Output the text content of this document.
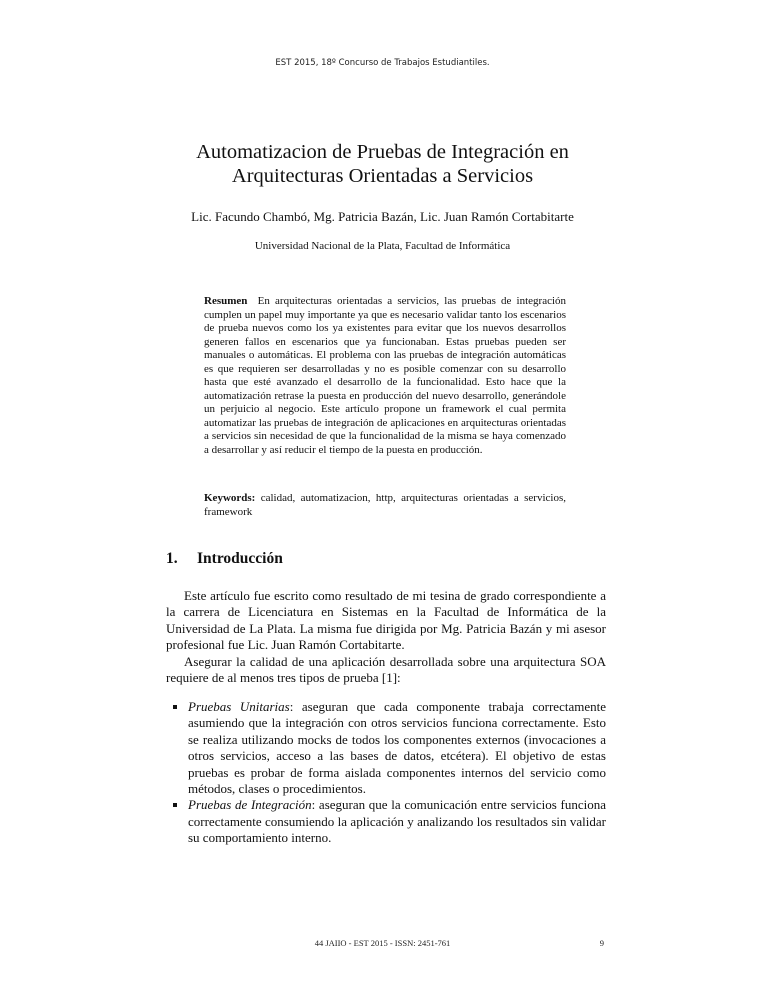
EST 2015, 18º Concurso de Trabajos Estudiantiles.
Automatizacion de Pruebas de Integración en
Arquitecturas Orientadas a Servicios
Lic. Facundo Chambó, Mg. Patricia Bazán, Lic. Juan Ramón Cortabitarte
Universidad Nacional de la Plata, Facultad de Informática
Resumen En arquitecturas orientadas a servicios, las pruebas de integración cumplen un papel muy importante ya que es necesario validar tanto los escenarios de prueba nuevos como los ya existentes para evitar que los nuevos desarrollos generen fallos en escenarios que ya funcionaban. Estas pruebas pueden ser manuales o automáticas. El problema con las pruebas de integración automáticas es que requieren ser desarrolladas y no es posible comenzar con su desarrollo hasta que esté avanzado el desarrollo de la funcionalidad. Esto hace que la automatización retrase la puesta en producción del nuevo desarrollo, generándole un perjuicio al negocio. Este artículo propone un framework el cual permita automatizar las pruebas de integración de aplicaciones en arquitecturas orientadas a servicios sin necesidad de que la funcionalidad de la misma se haya comenzado a desarrollar y así reducir el tiempo de la puesta en producción.
Keywords: calidad, automatizacion, http, arquitecturas orientadas a servicios, framework
1. Introducción
Este artículo fue escrito como resultado de mi tesina de grado correspondiente a la carrera de Licenciatura en Sistemas en la Facultad de Informática de la Universidad de La Plata. La misma fue dirigida por Mg. Patricia Bazán y mi asesor profesional fue Lic. Juan Ramón Cortabitarte.
Asegurar la calidad de una aplicación desarrollada sobre una arquitectura SOA requiere de al menos tres tipos de prueba [1]:
Pruebas Unitarias: aseguran que cada componente trabaja correctamente asumiendo que la integración con otros servicios funciona correctamente. Esto se realiza utilizando mocks de todos los componentes externos (invocaciones a otros servicios, acceso a las bases de datos, etcétera). El objetivo de estas pruebas es probar de forma aislada componentes internos del servicio como métodos, clases o procedimientos.
Pruebas de Integración: aseguran que la comunicación entre servicios funciona correctamente consumiendo la aplicación y analizando los resultados sin validar su comportamiento interno.
44 JAIIO - EST 2015 - ISSN: 2451-761	9
